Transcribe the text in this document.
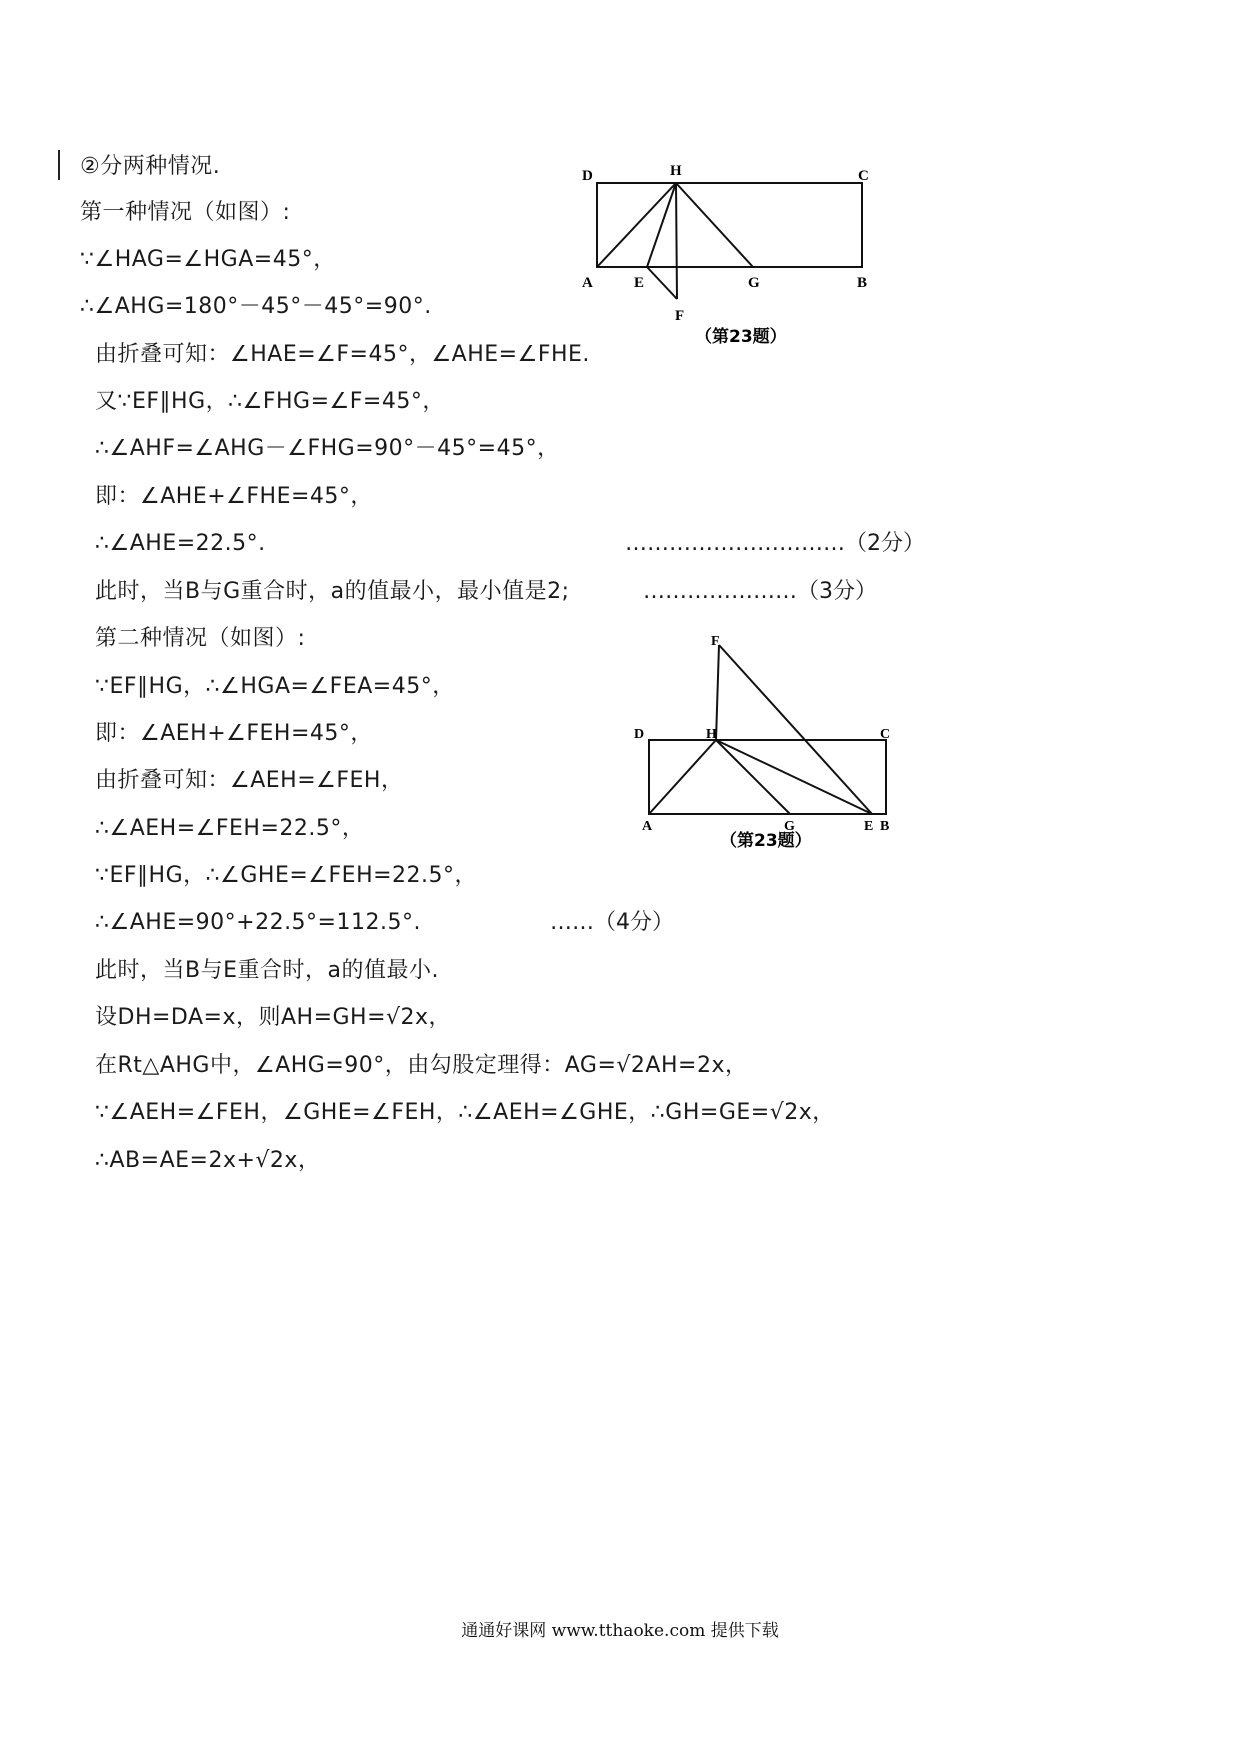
②分两种情况.
第一种情况（如图）:
∵∠HAG=∠HGA=45°，
∴∠AHG=180°－45°－45°=90°.
由折叠可知：∠HAE=∠F=45°，∠AHE=∠FHE.
又∵EF∥HG，∴∠FHG=∠F=45°，
∴∠AHF=∠AHG－∠FHG=90°－45°=45°，
即：∠AHE+∠FHE=45°，
∴∠AHE=22.5°.	…………………………（2分）
此时，当B与G重合时，a的值最小，最小值是2;	…………………（3分）
第二种情况（如图）:
∵EF∥HG，∴∠HGA=∠FEA=45°，
即：∠AEH+∠FEH=45°，
由折叠可知：∠AEH=∠FEH，
∴∠AEH=∠FEH=22.5°，
∵EF∥HG，∴∠GHE=∠FEH=22.5°，
∴∠AHE=90°+22.5°=112.5°.	……（4分）
此时，当B与E重合时，a的值最小.
设DH=DA=x，则AH=GH=√2x，
在Rt△AHG中，∠AHG=90°，由勾股定理得：AG=√2AH=2x，
∵∠AEH=∠FEH，∠GHE=∠FEH，∴∠AEH=∠GHE，∴GH=GE=√2x，
∴AB=AE=2x+√2x，
D	H	C
A	E	G	B
F
（第23题）
F
D	H	C
A	G	E B
（第23题）
通通好课网 www.tthaoke.com 提供下载
